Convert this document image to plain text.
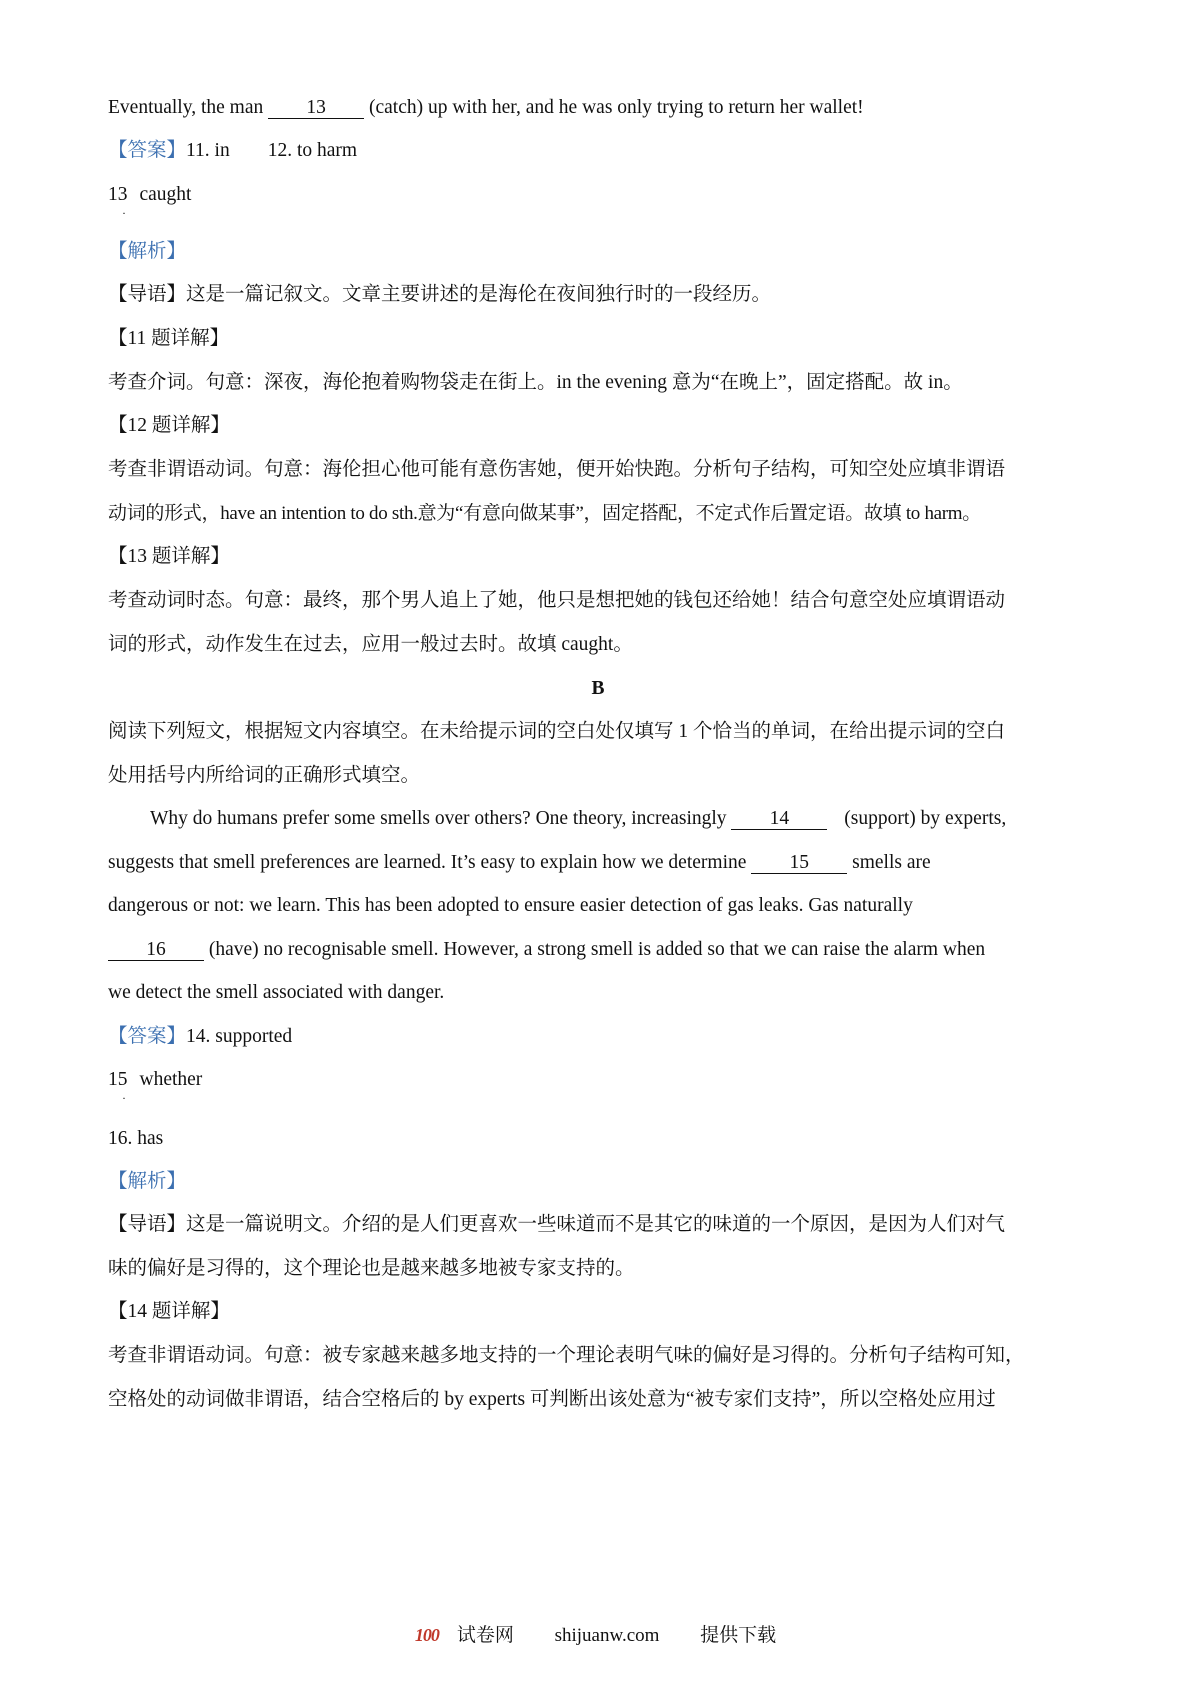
Eventually, the man 13 (catch) up with her, and he was only trying to return her wallet!
【答案】11. in 12. to harm
13 caught
·
【解析】
【导语】这是一篇记叙文。文章主要讲述的是海伦在夜间独行时的一段经历。
【11 题详解】
考查介词。句意：深夜，海伦抱着购物袋走在街上。in the evening 意为“在晚上”，固定搭配。故 in。
【12 题详解】
考查非谓语动词。句意：海伦担心他可能有意伤害她，便开始快跑。分析句子结构，可知空处应填非谓语
动词的形式，have an intention to do sth.意为“有意向做某事”，固定搭配，不定式作后置定语。故填 to harm。
【13 题详解】
考查动词时态。句意：最终，那个男人追上了她，他只是想把她的钱包还给她！结合句意空处应填谓语动
词的形式，动作发生在过去，应用一般过去时。故填 caught。
B
阅读下列短文，根据短文内容填空。在未给提示词的空白处仅填写 1 个恰当的单词，在给出提示词的空白
处用括号内所给词的正确形式填空。
Why do humans prefer some smells over others? One theory, increasingly 14	(support) by experts,
suggests that smell preferences are learned. It’s easy to explain how we determine 15 smells are
dangerous or not: we learn. This has been adopted to ensure easier detection of gas leaks. Gas naturally
16 (have) no recognisable smell. However, a strong smell is added so that we can raise the alarm when
we detect the smell associated with danger.
【答案】14. supported
15 whether
·
16. has
【解析】
【导语】这是一篇说明文。介绍的是人们更喜欢一些味道而不是其它的味道的一个原因，是因为人们对气
味的偏好是习得的，这个理论也是越来越多地被专家支持的。
【14 题详解】
考查非谓语动词。句意：被专家越来越多地支持的一个理论表明气味的偏好是习得的。分析句子结构可知，
空格处的动词做非谓语，结合空格后的 by experts 可判断出该处意为“被专家们支持”，所以空格处应用过
100 试卷网 shijuanw.com 提供下载
